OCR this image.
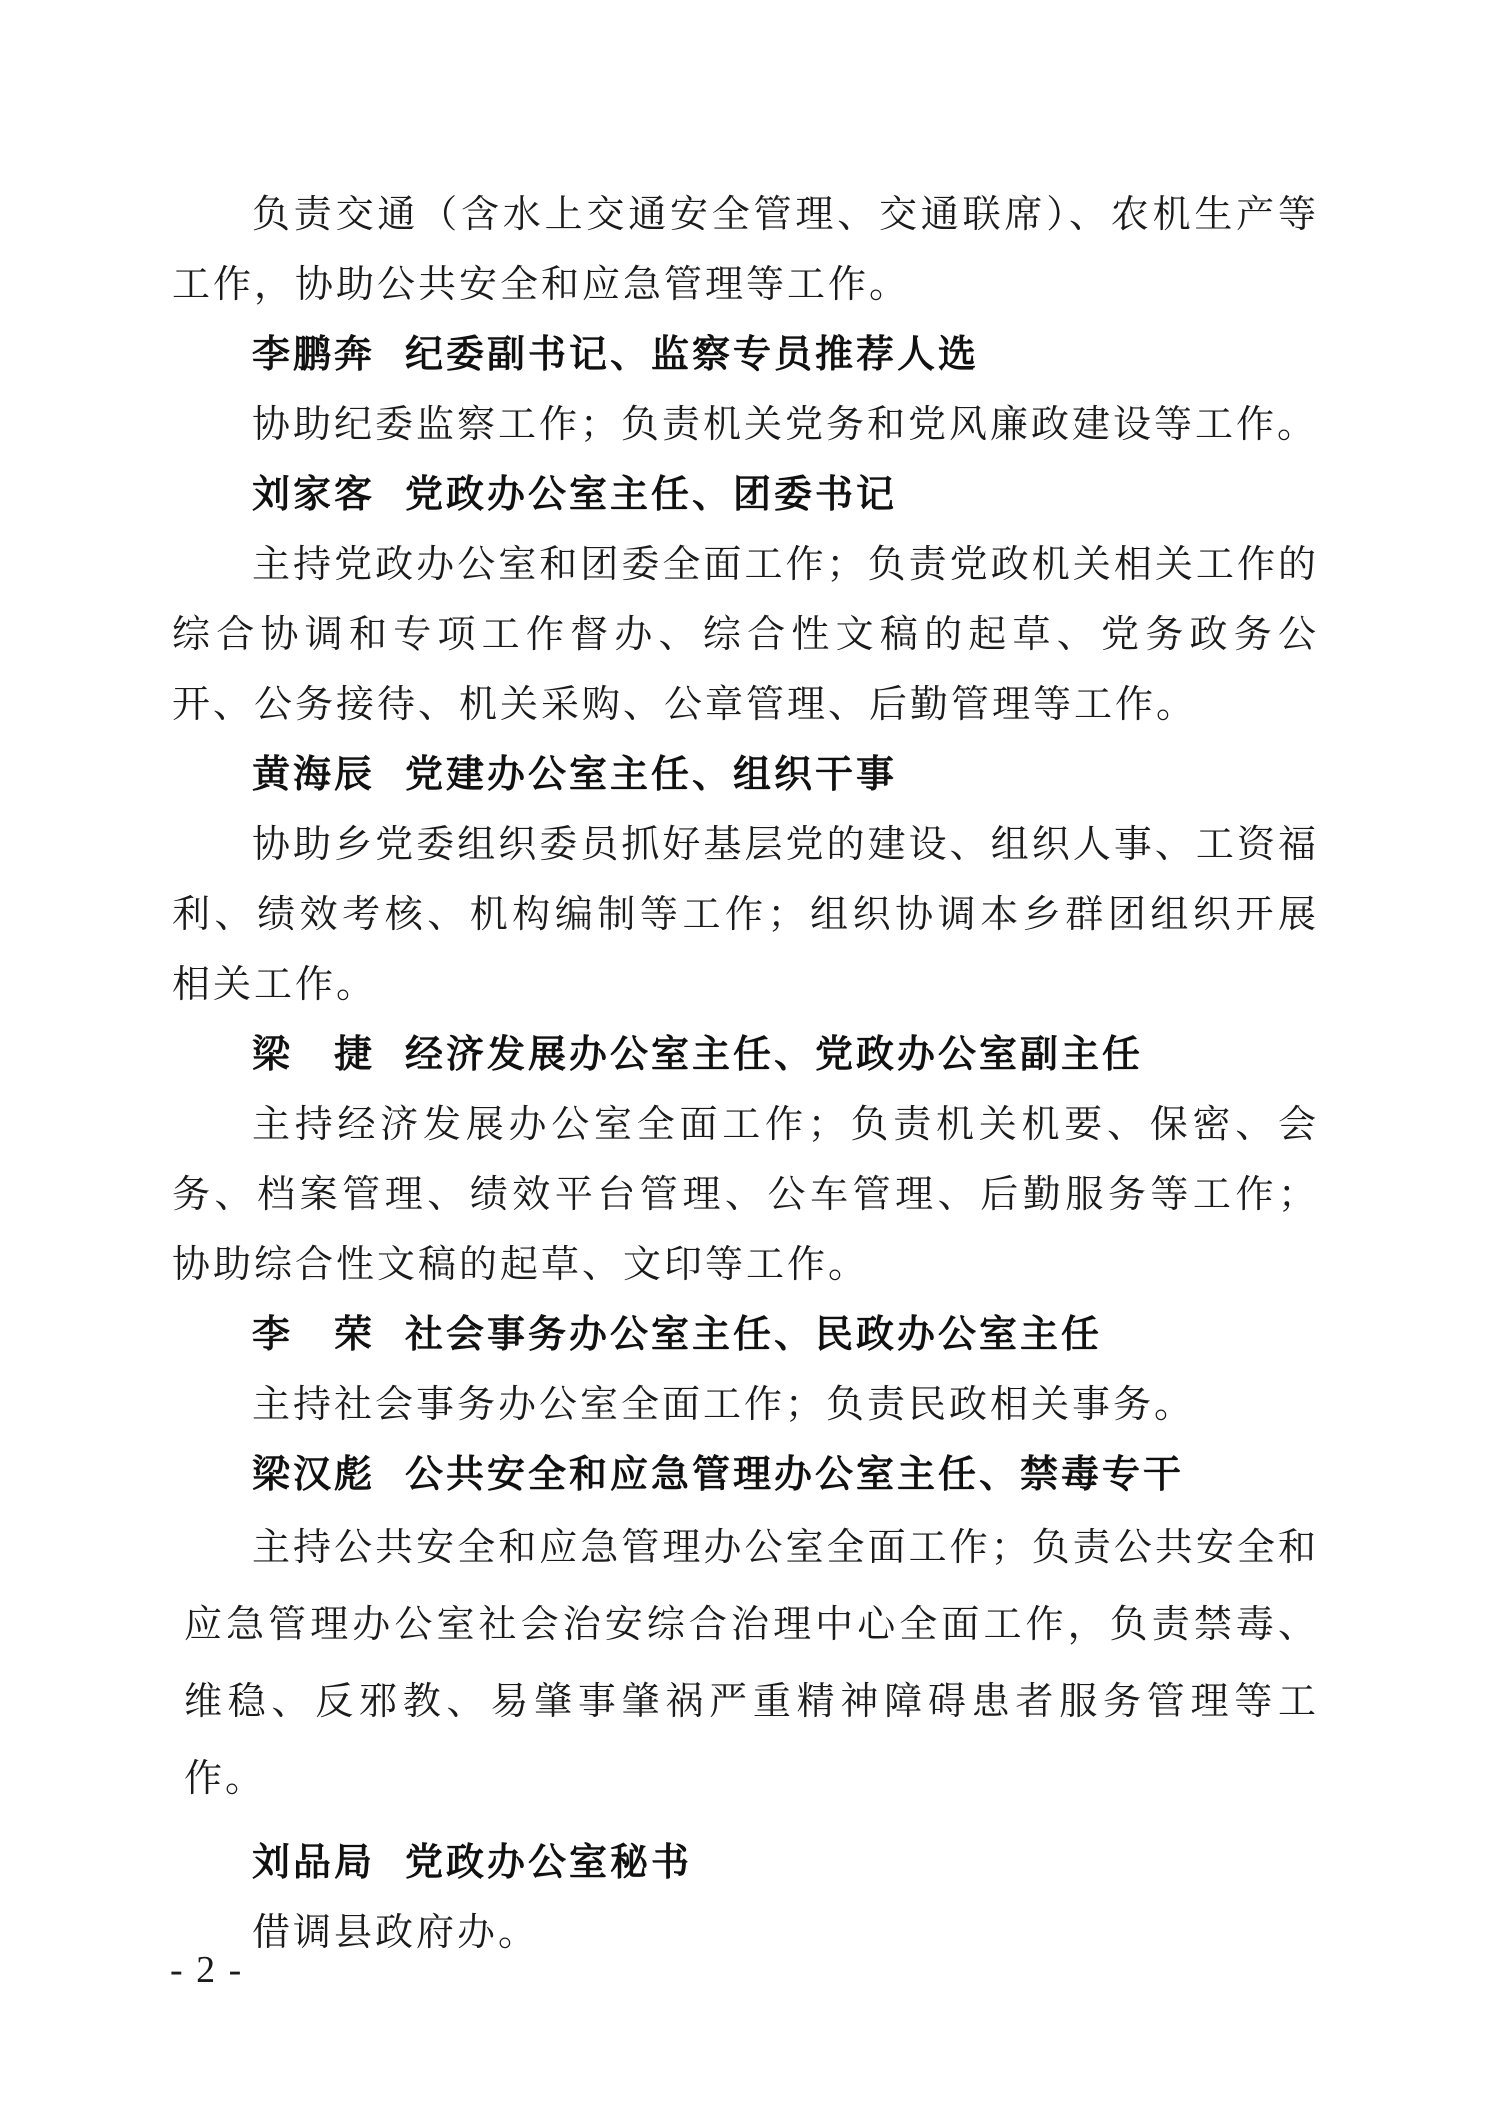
负责交通（含水上交通安全管理、交通联席）、农机生产等工作，协助公共安全和应急管理等工作。

李鹏奔 纪委副书记、监察专员推荐人选

协助纪委监察工作；负责机关党务和党风廉政建设等工作。

刘家客 党政办公室主任、团委书记

主持党政办公室和团委全面工作；负责党政机关相关工作的综合协调和专项工作督办、综合性文稿的起草、党务政务公开、公务接待、机关采购、公章管理、后勤管理等工作。

黄海辰 党建办公室主任、组织干事

协助乡党委组织委员抓好基层党的建设、组织人事、工资福利、绩效考核、机构编制等工作；组织协调本乡群团组织开展相关工作。

梁　捷 经济发展办公室主任、党政办公室副主任

主持经济发展办公室全面工作；负责机关机要、保密、会务、档案管理、绩效平台管理、公车管理、后勤服务等工作；协助综合性文稿的起草、文印等工作。

李　荣 社会事务办公室主任、民政办公室主任

主持社会事务办公室全面工作；负责民政相关事务。

梁汉彪 公共安全和应急管理办公室主任、禁毒专干

主持公共安全和应急管理办公室全面工作；负责公共安全和应急管理办公室社会治安综合治理中心全面工作，负责禁毒、维稳、反邪教、易肇事肇祸严重精神障碍患者服务管理等工作。

刘品局 党政办公室秘书

借调县政府办。

- 2 -
